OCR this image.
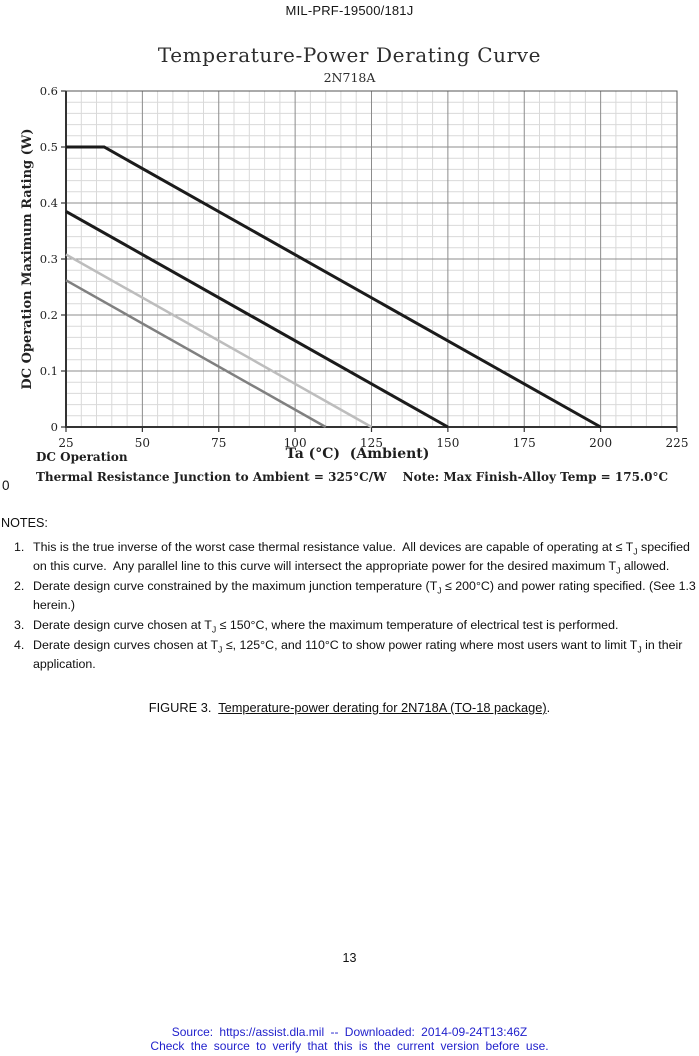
MIL-PRF-19500/181J
Temperature-Power Derating Curve
2N718A
25	50	75	100	125	150	175	200	225
0
0.1
0.2
0.3
0.4
0.5
0.6
DC Operation Maximum Rating (W)
DC Operation	Ta (°C)  (Ambient)
Thermal Resistance Junction to Ambient = 325°C/W Note: Max Finish-Alloy Temp = 175.0°C
0
NOTES:
1. This is the true inverse of the worst case thermal resistance value.  All devices are capable of operating at ≤ $T_J$ specified on this curve.  Any parallel line to this curve will intersect the appropriate power for the desired maximum $T_J$ allowed.
2. Derate design curve constrained by the maximum junction temperature $(T_J \le 200^\circ C)$ and power rating specified. (See 1.3 herein.)
3. Derate design curve chosen at $T_J \le 150^\circ C$, where the maximum temperature of electrical test is performed.
4. Derate design curves chosen at $T_J$ ≤, 125°C, and 110°C to show power rating where most users want to limit $T_J$ in their application.
FIGURE 3.  Temperature-power derating for 2N718A (TO-18 package).
13
Source: https://assist.dla.mil -- Downloaded: 2014-09-24T13:46Z
Check the source to verify that this is the current version before use.
